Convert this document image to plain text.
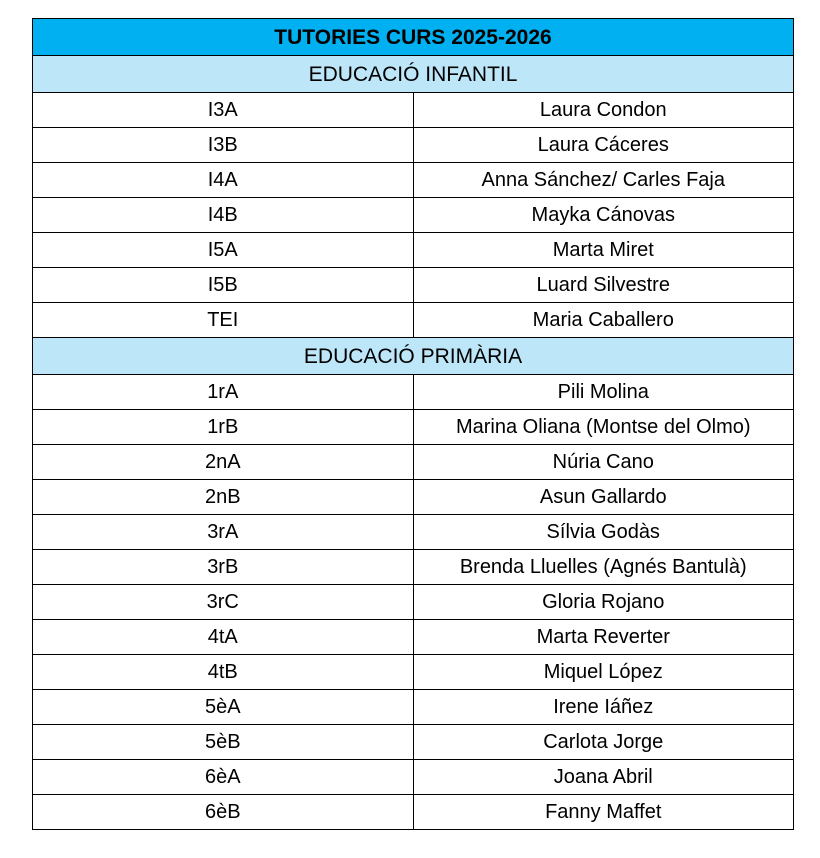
TUTORIES CURS 2025-2026	
EDUCACIÓ INFANTIL	
I3A	Laura Condon
I3B	Laura Cáceres
I4A	Anna Sánchez/ Carles Faja
I4B	Mayka Cánovas
I5A	Marta Miret
I5B	Luard Silvestre
TEI	Maria Caballero
EDUCACIÓ PRIMÀRIA	
1rA	Pili Molina
1rB	Marina Oliana (Montse del Olmo)
2nA	Núria Cano
2nB	Asun Gallardo
3rA	Sílvia Godàs
3rB	Brenda Lluelles (Agnés Bantulà)
3rC	Gloria Rojano
4tA	Marta Reverter
4tB	Miquel López
5èA	Irene Iáñez
5èB	Carlota Jorge
6èA	Joana Abril
6èB	Fanny Maffet
